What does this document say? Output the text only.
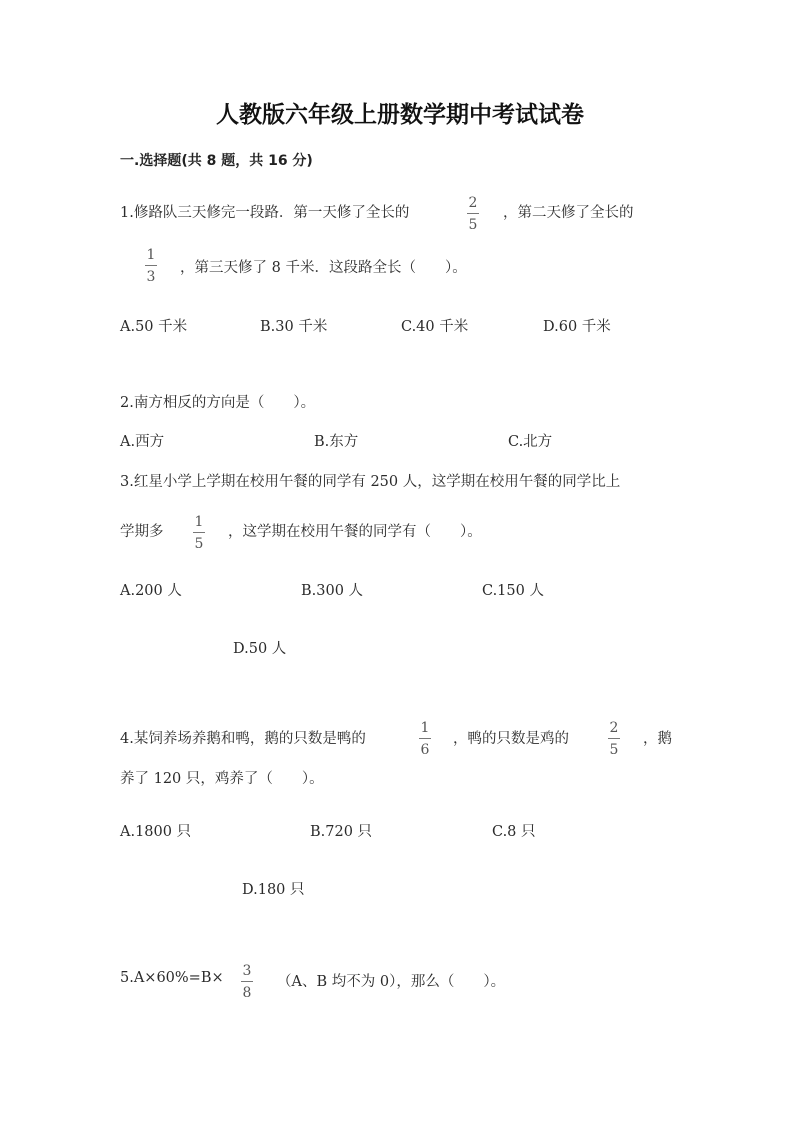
人教版六年级上册数学期中考试试卷
一.选择题(共 8 题，共 16 分)
1.修路队三天修完一段路．第一天修了全长的
2
5
，第二天修了全长的
1
3
，第三天修了 8 千米．这段路全长（　　）。
A.50 千米	B.30 千米	C.40 千米	D.60 千米
2.南方相反的方向是（　　）。
A.西方	B.东方	C.北方
3.红星小学上学期在校用午餐的同学有 250 人，这学期在校用午餐的同学比上
学期多
1
5
，这学期在校用午餐的同学有（　　）。
A.200 人	B.300 人	C.150 人
D.50 人
4.某饲养场养鹅和鸭，鹅的只数是鸭的
1
6
，鸭的只数是鸡的
2
5
，鹅
养了 120 只，鸡养了（　　）。
A.1800 只	B.720 只	C.8 只
D.180 只
5.A×60%=B× 3
8
（A、B 均不为 0），那么（　　）。
